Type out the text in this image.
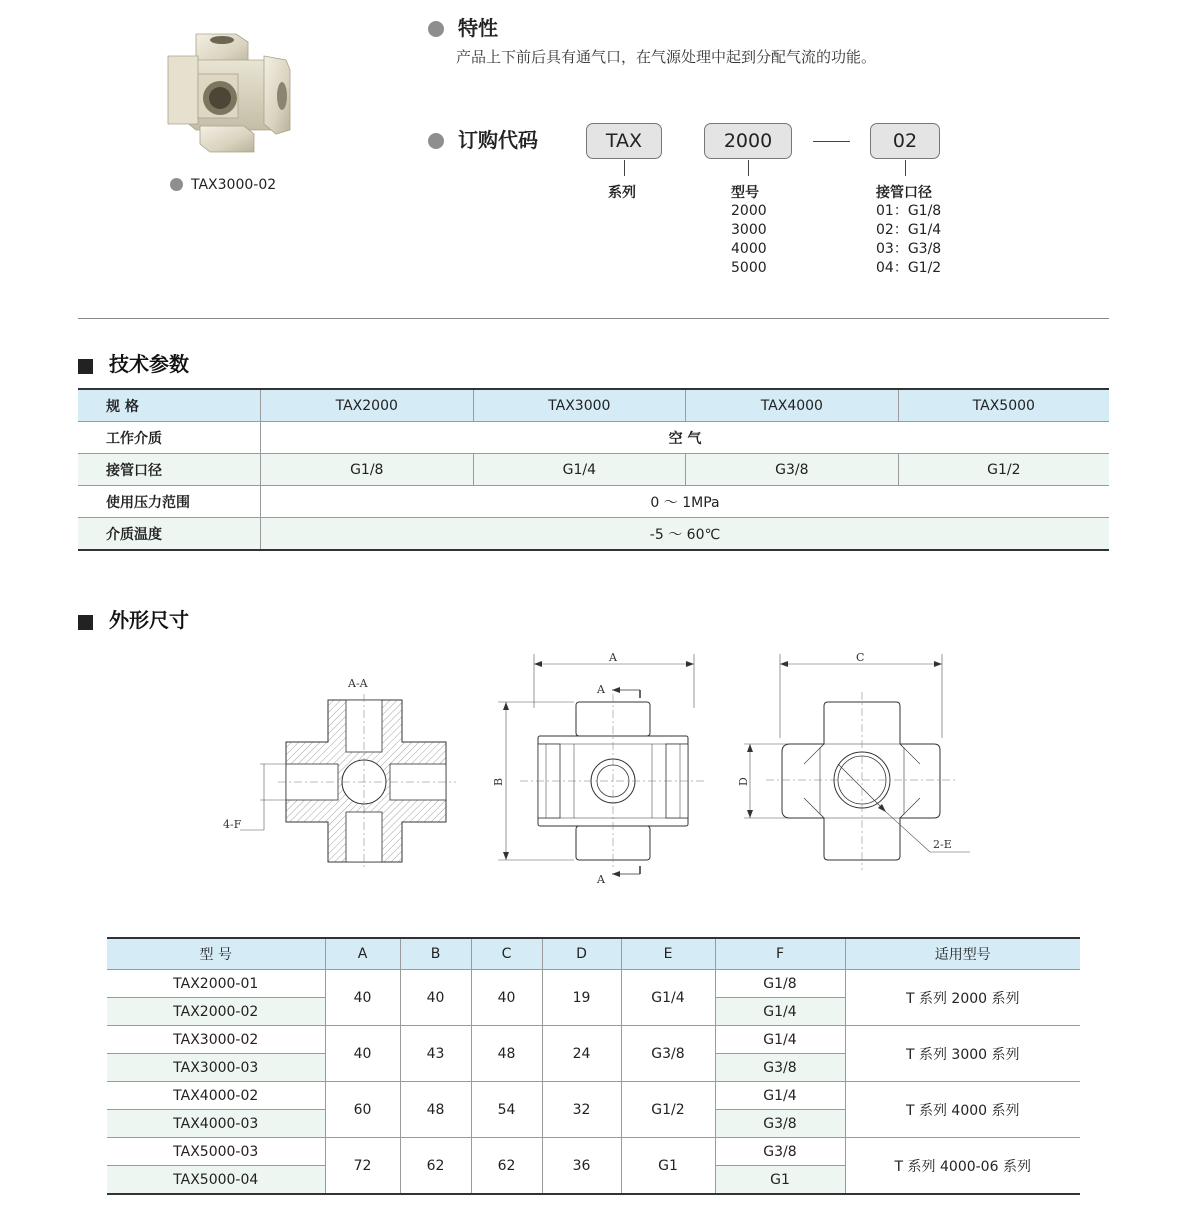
TAX3000-02
特性
产品上下前后具有通气口，在气源处理中起到分配气流的功能。
订购代码	TAX	2000	02
系列	型号
2000
3000
4000
5000
接管口径
01：G1/8
02：G1/4
03：G3/8
04：G1/2
技术参数
规 格	TAX2000	TAX3000	TAX4000	TAX5000
工作介质	空 气			
接管口径	G1/8	G1/4	G3/8	G1/2
使用压力范围	0 ～ 1MPa			
介质温度	-5 ～ 60℃			
外形尺寸
A-A
4-F
A
B
A
A
C
D
2-E
型 号	A	B	C	D	E	F	适用型号
TAX2000-01	40	40	40	19	G1/4	G1/8	T 系列 2000 系列
TAX2000-02						G1/4	
TAX3000-02	40	43	48	24	G3/8	G1/4	T 系列 3000 系列
TAX3000-03						G3/8	
TAX4000-02	60	48	54	32	G1/2	G1/4	T 系列 4000 系列
TAX4000-03						G3/8	
TAX5000-03	72	62	62	36	G1	G3/8	T 系列 4000-06 系列
TAX5000-04						G1	
